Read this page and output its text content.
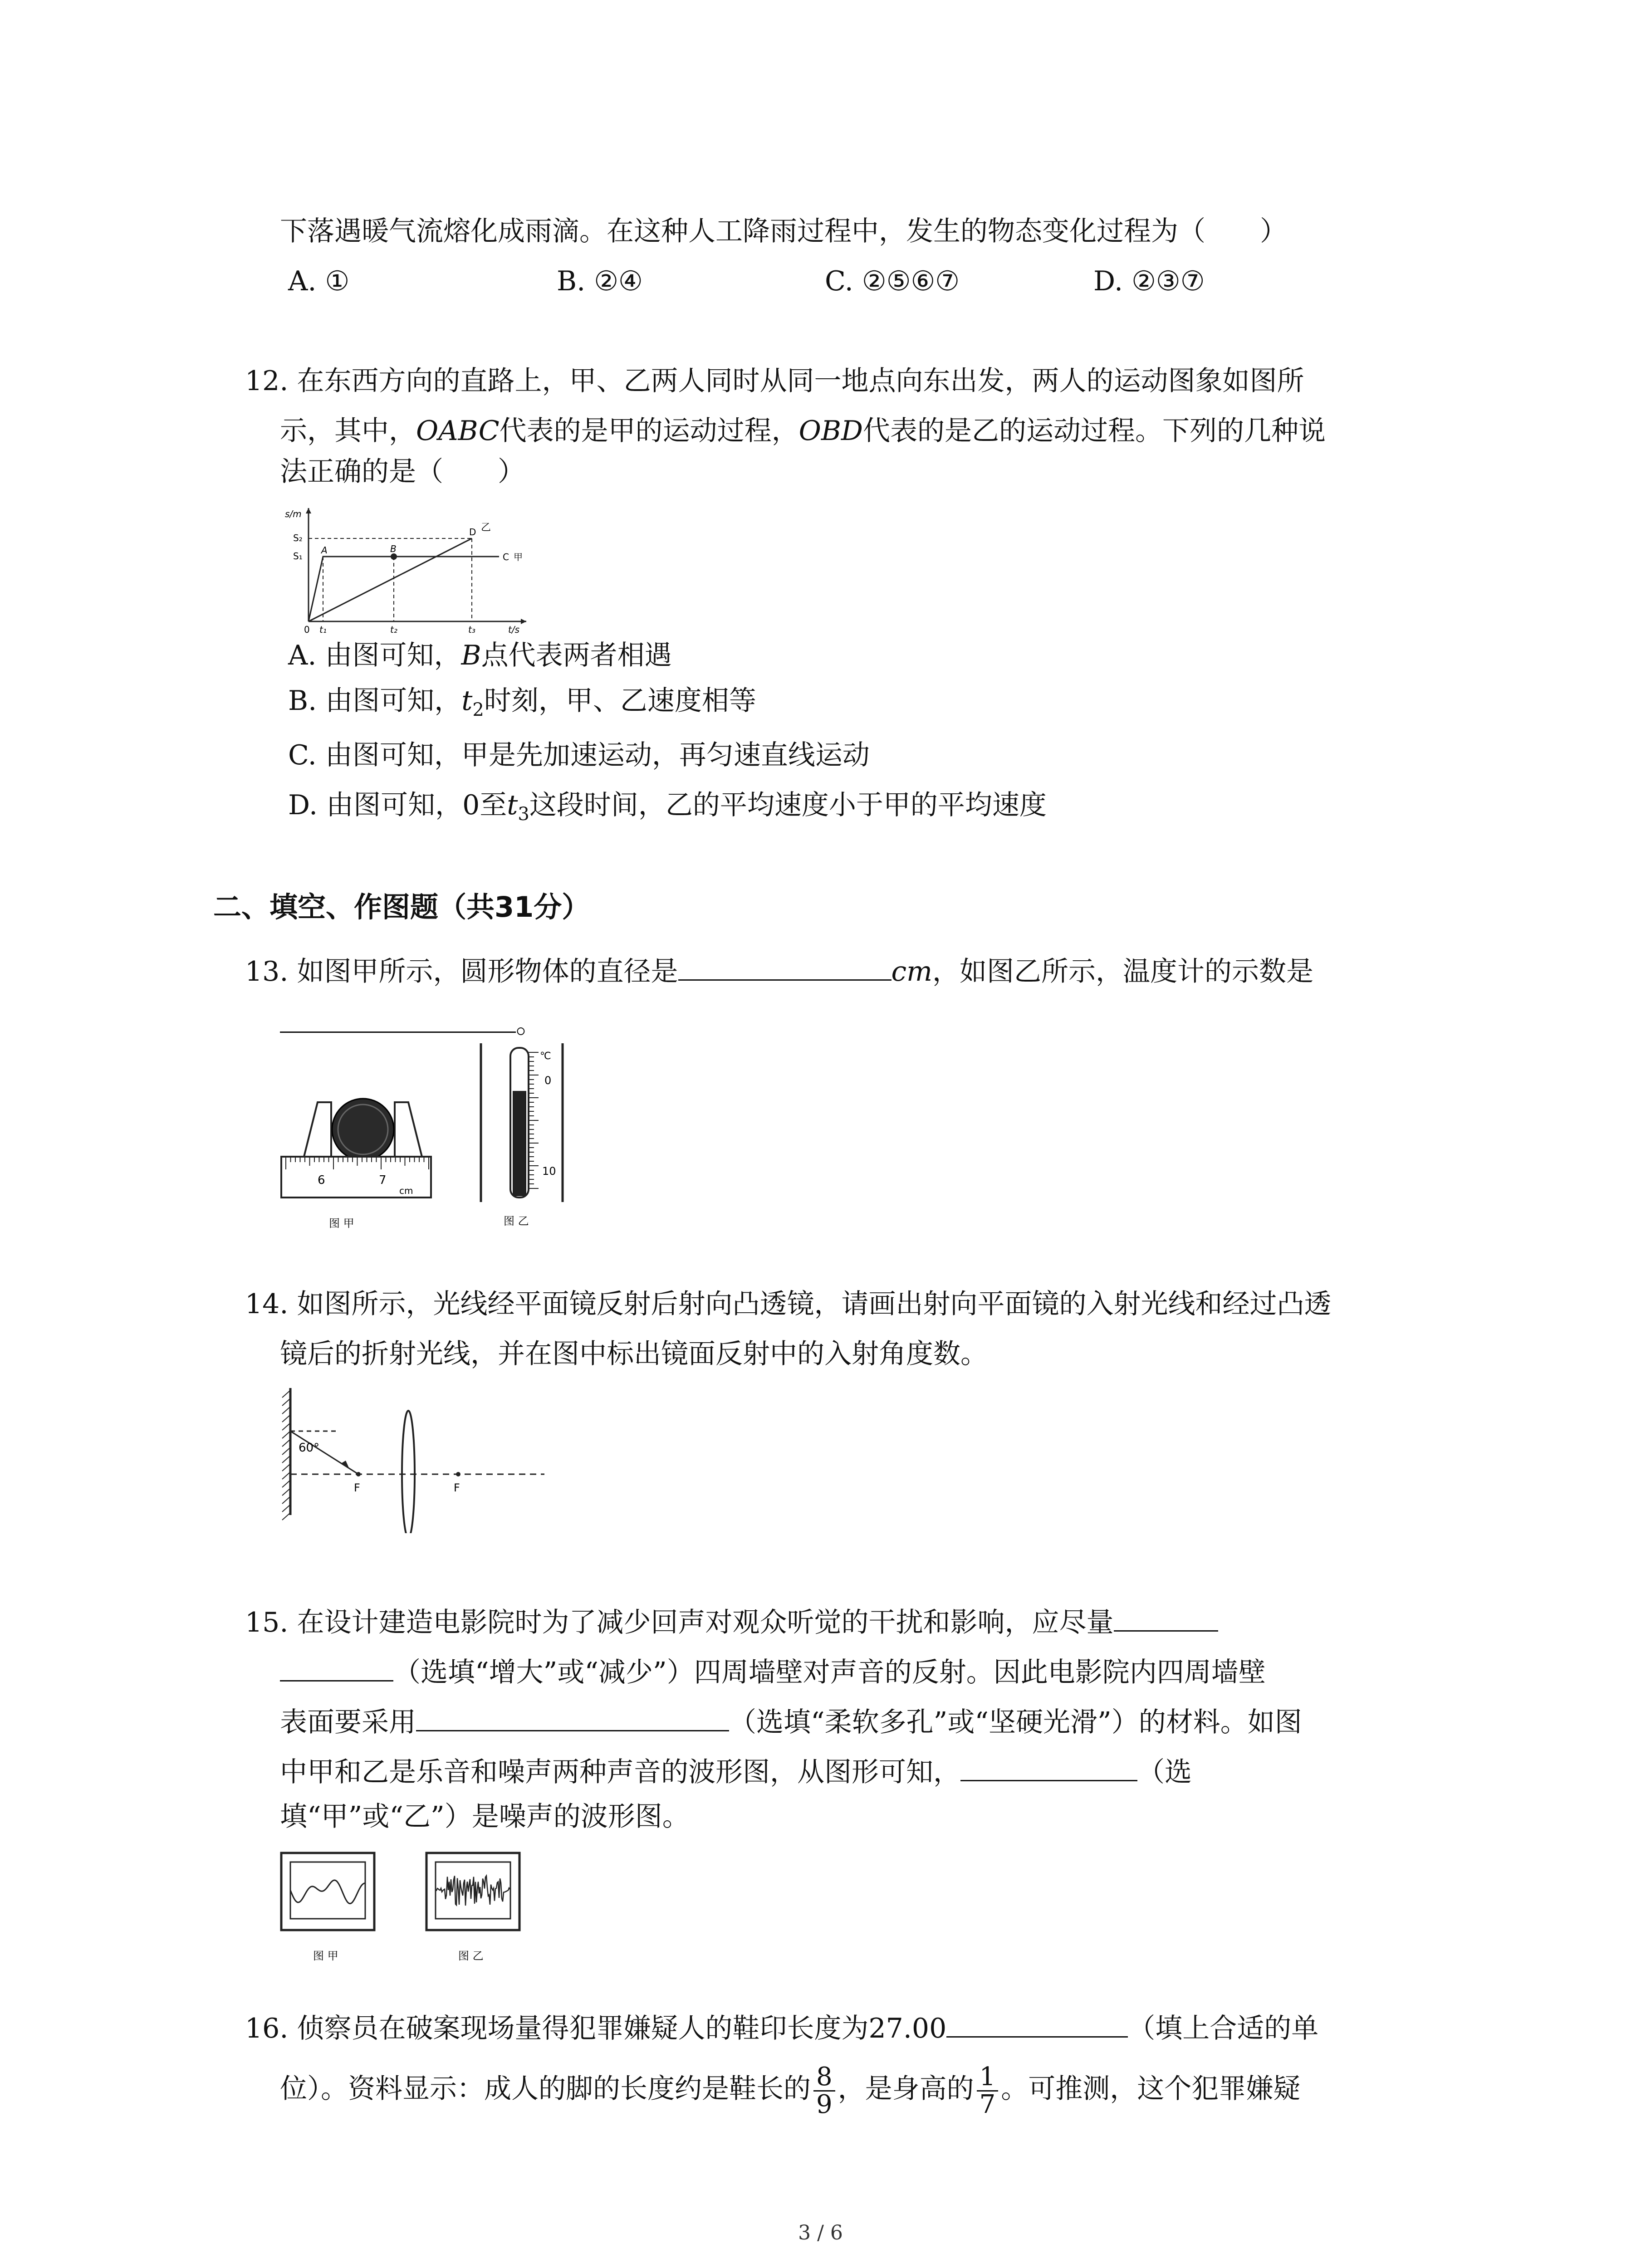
下落遇暖气流熔化成雨滴。在这种人工降雨过程中，发生的物态变化过程为（　　）
A. ①	B. ②④	C. ②⑤⑥⑦	D. ②③⑦
12. 在东西方向的直路上，甲、乙两人同时从同一地点向东出发，两人的运动图象如图所
示，其中，OABC代表的是甲的运动过程，OBD代表的是乙的运动过程。下列的几种说
法正确的是（　　）
s/m
S₂
S₁
0	t/s
A	B
C 甲
D 乙
t₁	t₂	t₃
A. 由图可知，B点代表两者相遇
B. 由图可知，$t_2$时刻，甲、乙速度相等
C. 由图可知，甲是先加速运动，再匀速直线运动
D. 由图可知，0至$t_3$这段时间，乙的平均速度小于甲的平均速度
二、填空、作图题（共31分）
13. 如图甲所示，圆形物体的直径是	cm，如图乙所示，温度计的示数是
。
6	7
cm
图 甲
℃
0
10
图 乙
14. 如图所示，光线经平面镜反射后射向凸透镜，请画出射向平面镜的入射光线和经过凸透
镜后的折射光线，并在图中标出镜面反射中的入射角度数。
60°
F	F
15. 在设计建造电影院时为了减少回声对观众听觉的干扰和影响，应尽量
（选填“增大”或“减少”）四周墙壁对声音的反射。因此电影院内四周墙壁
表面要采用	（选填“柔软多孔”或“坚硬光滑”）的材料。如图
中甲和乙是乐音和噪声两种声音的波形图，从图形可知，	（选
填“甲”或“乙”）是噪声的波形图。
图 甲	图 乙
16. 侦察员在破案现场量得犯罪嫌疑人的鞋印长度为27.00	（填上合适的单
位）。资料显示：成人的脚的长度约是鞋长的 $\frac{8}{9}$ ，是身高的 $\frac{1}{7}$ 。可推测，这个犯罪嫌疑
3 / 6
